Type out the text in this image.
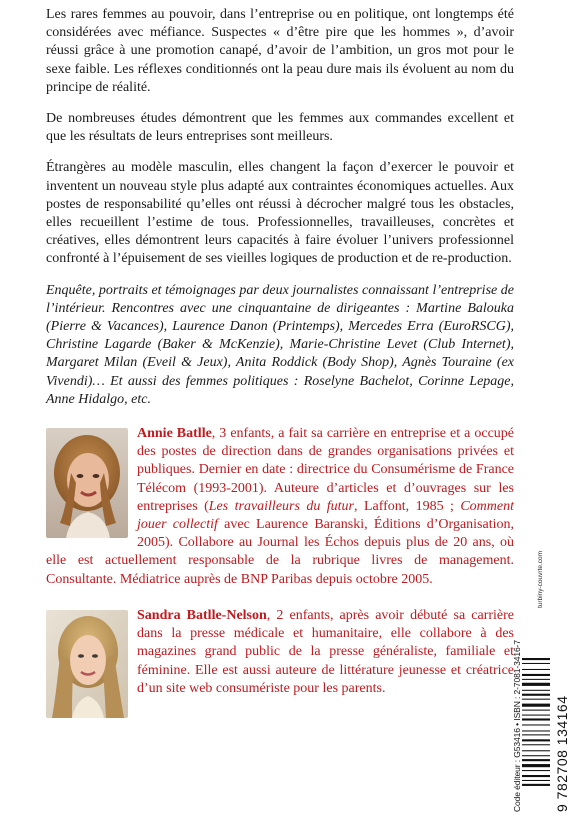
Les rares femmes au pouvoir, dans l’entreprise ou en politique, ont longtemps été considérées avec méfiance. Suspectes « d’être pire que les hommes », d’avoir réussi grâce à une promotion canapé, d’avoir de l’ambition, un gros mot pour le sexe faible. Les réflexes conditionnés ont la peau dure mais ils évoluent au nom du principe de réalité.

De nombreuses études démontrent que les femmes aux commandes excellent et que les résultats de leurs entreprises sont meilleurs.

Étrangères au modèle masculin, elles changent la façon d’exercer le pouvoir et inventent un nouveau style plus adapté aux contraintes économiques actuelles. Aux postes de responsabilité qu’elles ont réussi à décrocher malgré tous les obstacles, elles recueillent l’estime de tous. Professionnelles, travailleuses, concrètes et créatives, elles démontrent leurs capacités à faire évoluer l’univers professionnel confronté à l’épuisement de ses vieilles logiques de production et de re-production.

Enquête, portraits et témoignages par deux journalistes connaissant l’entreprise de l’intérieur. Rencontres avec une cinquantaine de dirigeantes : Martine Balouka (Pierre & Vacances), Laurence Danon (Printemps), Mercedes Erra (EuroRSCG), Christine Lagarde (Baker & McKenzie), Marie-Christine Levet (Club Internet), Margaret Milan (Eveil & Jeux), Anita Roddick (Body Shop), Agnès Touraine (ex Vivendi)… Et aussi des femmes politiques : Roselyne Bachelot, Corinne Lepage, Anne Hidalgo, etc.

Annie Batlle, 3 enfants, a fait sa carrière en entreprise et a occupé des postes de direction dans de grandes organisations privées et publiques. Dernier en date : directrice du Consumérisme de France Télécom (1993-2001). Auteure d’articles et d’ouvrages sur les entreprises (Les travailleurs du futur, Laffont, 1985 ; Comment jouer collectif avec Laurence Baranski, Éditions d’Organisation, 2005). Collabore au Journal les Échos depuis plus de 20 ans, où elle est actuellement responsable de la rubrique livres de management. Consultante. Médiatrice auprès de BNP Paribas depuis octobre 2005.
Sandra Batlle-Nelson, 2 enfants, après avoir débuté sa carrière dans la presse médicale et humanitaire, elle collabore à des magazines grand public de la presse généraliste, familiale et féminine. Elle est aussi auteure de littérature jeunesse et créatrice d’un site web consumériste pour les parents.
turbiny-couvrte.com
Code éditeur : G53416 • ISBN : 2-7081-3416-7 9 782708 134164
